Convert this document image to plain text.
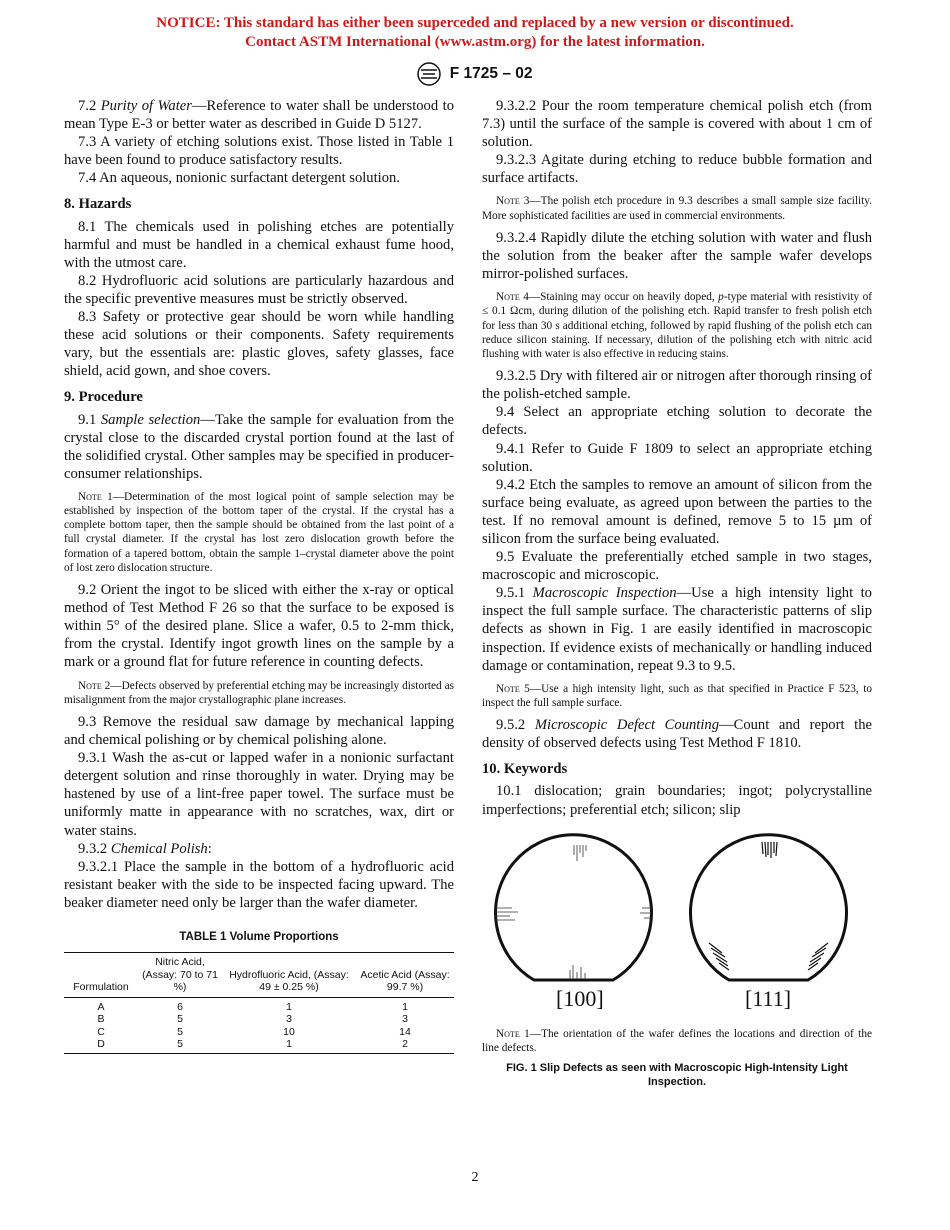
NOTICE: This standard has either been superceded and replaced by a new version or discontinued.
Contact ASTM International (www.astm.org) for the latest information.
F 1725 – 02

7.2 Purity of Water—Reference to water shall be understood to mean Type E-3 or better water as described in Guide D 5127.

7.3 A variety of etching solutions exist. Those listed in Table 1 have been found to produce satisfactory results.

7.4 An aqueous, nonionic surfactant detergent solution.

8. Hazards

8.1 The chemicals used in polishing etches are potentially harmful and must be handled in a chemical exhaust fume hood, with the utmost care.

8.2 Hydrofluoric acid solutions are particularly hazardous and the specific preventive measures must be strictly observed.

8.3 Safety or protective gear should be worn while handling these acid solutions or their components. Safety requirements vary, but the essentials are: plastic gloves, safety glasses, face shield, acid gown, and shoe covers.

9. Procedure

9.1 Sample selection—Take the sample for evaluation from the crystal close to the discarded crystal portion found at the last of the solidified crystal. Other samples may be specified in producer-consumer relationships.

Note 1—Determination of the most logical point of sample selection may be established by inspection of the bottom taper of the crystal. If the crystal has a complete bottom taper, then the sample should be obtained from the last point of a full crystal diameter. If the crystal has lost zero dislocation growth before the formation of a tapered bottom, obtain the sample 1–crystal diameter above the point of lost zero dislocation structure.

9.2 Orient the ingot to be sliced with either the x-ray or optical method of Test Method F 26 so that the surface to be exposed is within 5° of the desired plane. Slice a wafer, 0.5 to 2-mm thick, from the crystal. Identify ingot growth lines on the sample by a mark or a ground flat for future reference in counting defects.

Note 2—Defects observed by preferential etching may be increasingly distorted as misalignment from the major crystallographic plane increases.

9.3 Remove the residual saw damage by mechanical lapping and chemical polishing or by chemical polishing alone.

9.3.1 Wash the as-cut or lapped wafer in a nonionic surfactant detergent solution and rinse thoroughly in water. Drying may be hastened by use of a lint-free paper towel. The surface must be uniformly matte in appearance with no scratches, wax, dirt or water stains.

9.3.2 Chemical Polish:

9.3.2.1 Place the sample in the bottom of a hydrofluoric acid resistant beaker with the side to be inspected facing upward. The beaker diameter need only be larger than the wafer diameter.

TABLE 1 Volume Proportions
Formulation	Nitric Acid, (Assay: 70 to 71 %)	Hydrofluoric Acid, (Assay: 49 ± 0.25 %)	Acetic Acid (Assay: 99.7 %)
A	6	1	1
B	5	3	3
C	5	10	14
D	5	1	2

9.3.2.2 Pour the room temperature chemical polish etch (from 7.3) until the surface of the sample is covered with about 1 cm of solution.

9.3.2.3 Agitate during etching to reduce bubble formation and surface artifacts.

Note 3—The polish etch procedure in 9.3 describes a small sample size facility. More sophisticated facilities are used in commercial environments.

9.3.2.4 Rapidly dilute the etching solution with water and flush the solution from the beaker after the sample wafer develops mirror-polished surfaces.

Note 4—Staining may occur on heavily doped, p-type material with resistivity of ≤ 0.1 Ωcm, during dilution of the polishing etch. Rapid transfer to fresh polish etch for less than 30 s additional etching, followed by rapid flushing of the polish etch can reduce silicon staining. If necessary, dilution of the polishing etch with nitric acid flushing with water is also effective in reducing stains.

9.3.2.5 Dry with filtered air or nitrogen after thorough rinsing of the polish-etched sample.

9.4 Select an appropriate etching solution to decorate the defects.

9.4.1 Refer to Guide F 1809 to select an appropriate etching solution.

9.4.2 Etch the samples to remove an amount of silicon from the surface being evaluate, as agreed upon between the parties to the test. If no removal amount is defined, remove 5 to 15 µm of silicon from the surface being evaluated.

9.5 Evaluate the preferentially etched sample in two stages, macroscopic and microscopic.

9.5.1 Macroscopic Inspection—Use a high intensity light to inspect the full sample surface. The characteristic patterns of slip defects as shown in Fig. 1 are easily identified in macroscopic inspection. If evidence exists of mechanically or handling induced damage or contamination, repeat 9.3 to 9.5.

Note 5—Use a high intensity light, such as that specified in Practice F 523, to inspect the full sample surface.

9.5.2 Microscopic Defect Counting—Count and report the density of observed defects using Test Method F 1810.

10. Keywords

10.1 dislocation; grain boundaries; ingot; polycrystalline imperfections; preferential etch; silicon; slip

[100]	[111]
Note 1—The orientation of the wafer defines the locations and direction of the line defects.
FIG. 1 Slip Defects as seen with Macroscopic High-Intensity Light Inspection.
2
